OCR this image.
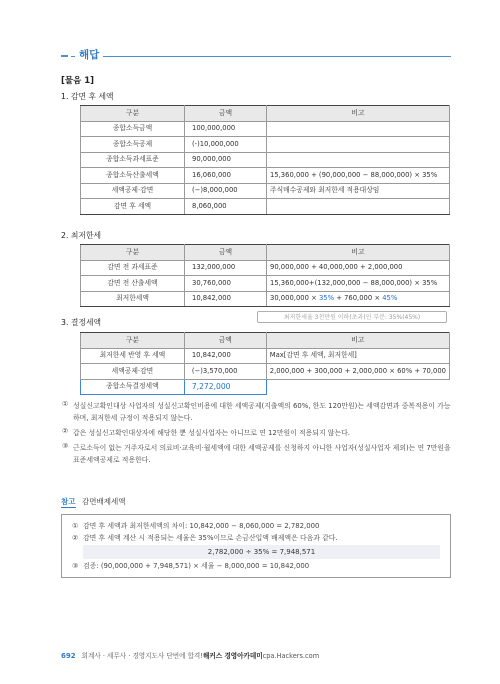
해답
[물음 1]
1. 감면 후 세액
구분	금액	비고
종합소득금액	100,000,000	
종합소득공제	(-)10,000,000	
종합소득과세표준	90,000,000	
종합소득산출세액	16,060,000	15,360,000 + (90,000,000 − 88,000,000) × 35%
세액공제·감면	(−)8,000,000	주식매수공제와 최저한세 적용대상임
감면 후 세액	8,060,000	
2. 최저한세
구분	금액	비고
감면 전 과세표준	132,000,000	90,000,000 + 40,000,000 + 2,000,000
감면 전 산출세액	30,760,000	15,360,000+(132,000,000 − 88,000,000) × 35%
최저한세액	10,842,000	30,000,000 × 35% + 760,000 × 45%
최저한세율 3천만원 이하(초과)인 부분: 35%(45%)
3. 결정세액
구분	금액	비고
최저한세 반영 후 세액	10,842,000	Max[감면 후 세액, 최저한세]
세액공제·감면	(−)3,570,000	2,000,000 + 300,000 + 2,000,000 × 60% + 70,000
종합소득결정세액	7,272,000	
① 성실신고확인대상 사업자의 성실신고확인비용에 대한 세액공제(지출액의 60%, 한도 120만원)는 세액감면과 중복적용이 가능하며, 최저한세 규정이 적용되지 않는다.
② 갑은 성실신고확인대상자에 해당한 뿐 성실사업자는 아니므로 연 12만원이 적용되지 않는다.
③ 근로소득이 없는 거주자로서 의료비·교육비·월세액에 대한 세액공제를 신청하지 아니한 사업자(성실사업자 제외)는 연 7만원을 표준세액공제로 적용한다.
참고 감면배제세액
① 감면 후 세액과 최저한세액의 차이: 10,842,000 − 8,060,000 = 2,782,000
② 감면 후 세액 계산 시 적용되는 세율은 35%이므로 손금산입액 배제액은 다음과 같다.
2,782,000 ÷ 35% = 7,948,571
③ 검증: (90,000,000 + 7,948,571) × 세율 − 8,000,000 = 10,842,000
692 회계사 · 세무사 · 경영지도사 단번에 합격! 해커스 경영아카데미 cpa.Hackers.com
